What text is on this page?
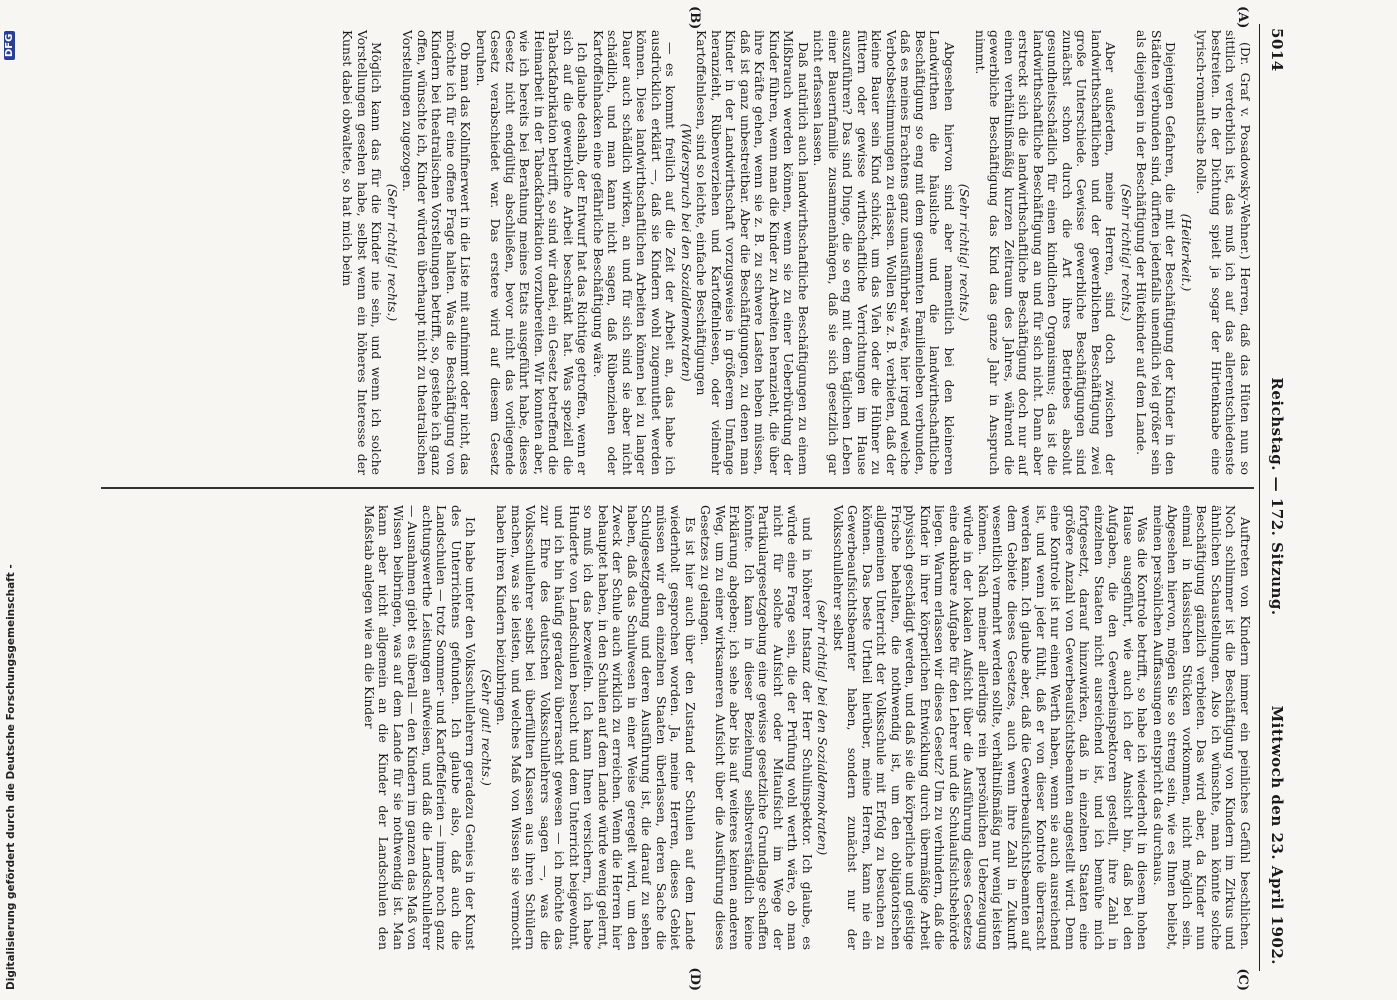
5014
Reichstag. — 172. Sitzung.
Mittwoch den 23. April 1902.
(A)
(B)
(C)
(D)

(Dr. Graf v. Posadowsky-Wehner.) Herren, daß das Hüten nun so sittlich verderblich ist, das muß ich auf das allerentschiedenste bestreiten. In der Dichtung spielt ja sogar der Hirtenknabe eine lyrisch-romantische Rolle.

(Heiterkeit.)

Diejenigen Gefahren, die mit der Beschäftigung der Kinder in den Städten verbunden sind, dürften jedenfalls unendlich viel größer sein als diejenigen in der Beschäftigung der Hütekinder auf dem Lande.

(Sehr richtig! rechts.)

Aber außerdem, meine Herren, sind doch zwischen der landwirthschaftlichen und der gewerblichen Beschäftigung zwei große Unterschiede. Gewisse gewerbliche Beschäftigungen sind zunächst schon durch die Art ihres Betriebes absolut gesundheitsschädlich für einen kindlichen Organismus; das ist die landwirthschaftliche Beschäftigung an und für sich nicht. Dann aber erstreckt sich die landwirthschaftliche Beschäftigung doch nur auf einen verhältnißmäßig kurzen Zeitraum des Jahres, während die gewerbliche Beschäftigung das Kind das ganze Jahr in Anspruch nimmt.

(Sehr richtig! rechts.)

Abgesehen hiervon sind aber namentlich bei den kleineren Landwirthen die häusliche und die landwirthschaftliche Beschäftigung so eng mit dem gesammten Familienleben verbunden, daß es meines Erachtens ganz unausführbar wäre, hier irgend welche Verbotsbestimmungen zu erlassen. Wollen Sie z. B. verbieten, daß der kleine Bauer sein Kind schickt, um das Vieh oder die Hühner zu füttern oder gewisse wirthschaftliche Verrichtungen im Hause auszuführen? Das sind Dinge, die so eng mit dem täglichen Leben einer Bauernfamilie zusammenhängen, daß sie sich gesetzlich gar nicht erfassen lassen.

Daß natürlich auch landwirthschaftliche Beschäftigungen zu einem Mißbrauch werden können, wenn sie zu einer Ueberbürdung der Kinder führen, wenn man die Kinder zu Arbeiten heranzieht, die über ihre Kräfte gehen, wenn sie z. B. zu schwere Lasten heben müssen, daß ist ganz unbestreitbar. Aber die Beschäftigungen, zu denen man Kinder in der Landwirthschaft vorzugsweise in größerem Umfange heranzieht, Rübenverziehen und Kartoffelnlesen, oder vielmehr Kartoffelnlesen, sind so leichte, einfache Beschäftigungen

(Widerspruch bei den Sozialdemokraten)

— es kommt freilich auf die Zeit der Arbeit an, das habe ich ausdrücklich erklärt —, daß sie Kindern wohl zugemuthet werden können. Diese landwirthschaftlichen Arbeiten können bei zu langer Dauer auch schädlich wirken, an und für sich sind sie aber nicht schädlich, und man kann nicht sagen, daß Rübenziehen oder Kartoffelnhacken eine gefährliche Beschäftigung wäre.

Ich glaube deshalb, der Entwurf hat das Richtige getroffen, wenn er sich auf die gewerbliche Arbeit beschränkt hat. Was speziell die Tabackfabrikation betrifft, so sind wir dabei, ein Gesetz betreffend die Heimarbeit in der Tabackfabrikation vorzubereiten. Wir konnten aber, wie ich bereits bei Berathung meines Etats ausgeführt habe, dieses Gesetz nicht endgültig abschließen, bevor nicht das vorliegende Gesetz verabschiedet war. Das erstere wird auf diesem Gesetz beruhen.

Ob man das Kollnifnerwert in die Liste mit aufnimmt oder nicht, das möchte ich für eine offene Frage halten. Was die Beschäftigung von Kindern bei theatralischen Vorstellungen betrifft, so, gestehe ich ganz offen, wünschte ich, Kinder würden überhaupt nicht zu theatralischen Vorstellungen zugezogen.

(Sehr richtig! rechts.)

Möglich kann das für die Kinder nie sein, und wenn ich solche Vorstellungen gesehen habe, selbst wenn ein höheres Interesse der Kunst dabei obwaltete, so hat mich beim

Auftreten von Kindern immer ein peinliches Gefühl beschlichen. Noch schlimmer ist die Beschäftigung von Kindern im Zirkus und ähnlichen Schaustellungen. Also ich wünschte, man könnte solche Beschäftigung gänzlich verbieten. Das wird aber, da Kinder nun einmal in klassischen Stücken vorkommen, nicht möglich sein. Abgesehen hiervon, mögen Sie so streng sein, wie es Ihnen beliebt, meinen persönlichen Auffassungen entspricht das durchaus.

Was die Kontrole betrifft, so habe ich wiederholt in diesem hohen Hause ausgeführt, wie auch ich der Ansicht bin, daß bei den Aufgaben, die den Gewerbeinspektoren gestellt, ihre Zahl in einzelnen Staaten nicht ausreichend ist, und ich bemühe mich fortgesetzt, darauf hinzuwirken, daß in einzelnen Staaten eine größere Anzahl von Gewerbeaufsichtsbeamten angestellt wird. Denn eine Kontrole ist nur einen Werth haben, wenn sie auch ausreichend ist, und wenn jeder fühlt, daß er von dieser Kontrole überrascht werden kann. Ich glaube aber, daß die Gewerbeaufsichtsbeamten auf dem Gebiete dieses Gesetzes, auch wenn ihre Zahl in Zukunft wesentlich vermehrt werden sollte, verhältnißmäßig nur wenig leisten können. Nach meiner allerdings rein persönlichen Ueberzeugung würde in der lokalen Aufsicht über die Ausführung dieses Gesetzes eine dankbare Aufgabe für den Lehrer und die Schulaufsichtsbehörde liegen. Warum erlassen wir dieses Gesetz? Um zu verhindern, daß die Kinder in ihrer körperlichen Entwicklung durch übermäßige Arbeit physisch geschädigt werden, und daß sie die körperliche und geistige Frische behalten, die nothwendig ist, um den obligatorischen allgemeinen Unterricht der Volksschule mit Erfolg zu besuchen zu können. Das beste Urtheil hierüber, meine Herren, kann nie ein Gewerbeaufsichtsbeamter haben, sondern zunächst nur der Volksschullehrer selbst

(sehr richtig! bei den Sozialdemokraten)

und in höherer Instanz der Herr Schulinspektor. Ich glaube, es würde eine Frage sein, die der Prüfung wohl werth wäre, ob man nicht für solche Aufsicht oder Mitaufsicht im Wege der Partikulargesetzgebung eine gewisse gesetzliche Grundlage schaffen könnte. Ich kann in dieser Beziehung selbstverständlich keine Erklärung abgeben; ich sehe aber bis auf weiteres keinen anderen Weg, um zu einer wirksameren Aufsicht über die Ausführung dieses Gesetzes zu gelangen.

Es ist hier auch über den Zustand der Schulen auf dem Lande wiederholt gesprochen worden. Ja, meine Herren, dieses Gebiet müssen wir den einzelnen Staaten überlassen, deren Sache die Schulgesetzgebung und deren Ausführung ist, die darauf zu sehen haben, daß das Schulwesen in einer Weise geregelt wird, um den Zweck der Schule auch wirklich zu erreichen. Wenn die Herren hier behauptet haben, in den Schulen auf dem Lande würde wenig gelernt, so muß ich das bezweifeln. Ich kann Ihnen versichern, ich habe Hunderte von Landschulen besucht und dem Unterricht beigewohnt, und ich bin häufig geradezu überrascht gewesen — ich möchte das zur Ehre des deutschen Volksschullehrers sagen —, was die Volksschullehrer selbst bei überfüllten Klassen aus ihren Schülern machen, was sie leisten, und welches Maß von Wissen sie vermocht haben ihren Kindern beizubringen.

(Sehr gut! rechts.)

Ich habe unter den Volksschullehrern geradezu Genies in der Kunst des Unterrichtens gefunden. Ich glaube also, daß auch die Landschulen — trotz Sommer- und Kartoffelferien — immer noch ganz achtungswerthe Leistungen aufweisen, und daß die Landschullehrer — Ausnahmen giebt es überall — den Kindern im ganzen das Maß von Wissen beibringen, was auf dem Lande für sie nothwendig ist. Man kann aber nicht allgemein an die Kinder der Landschulen den Maßstab anlegen wie an die Kinder

Digitalisierung gefördert durch die Deutsche Forschungsgemeinschaft -
DFG
